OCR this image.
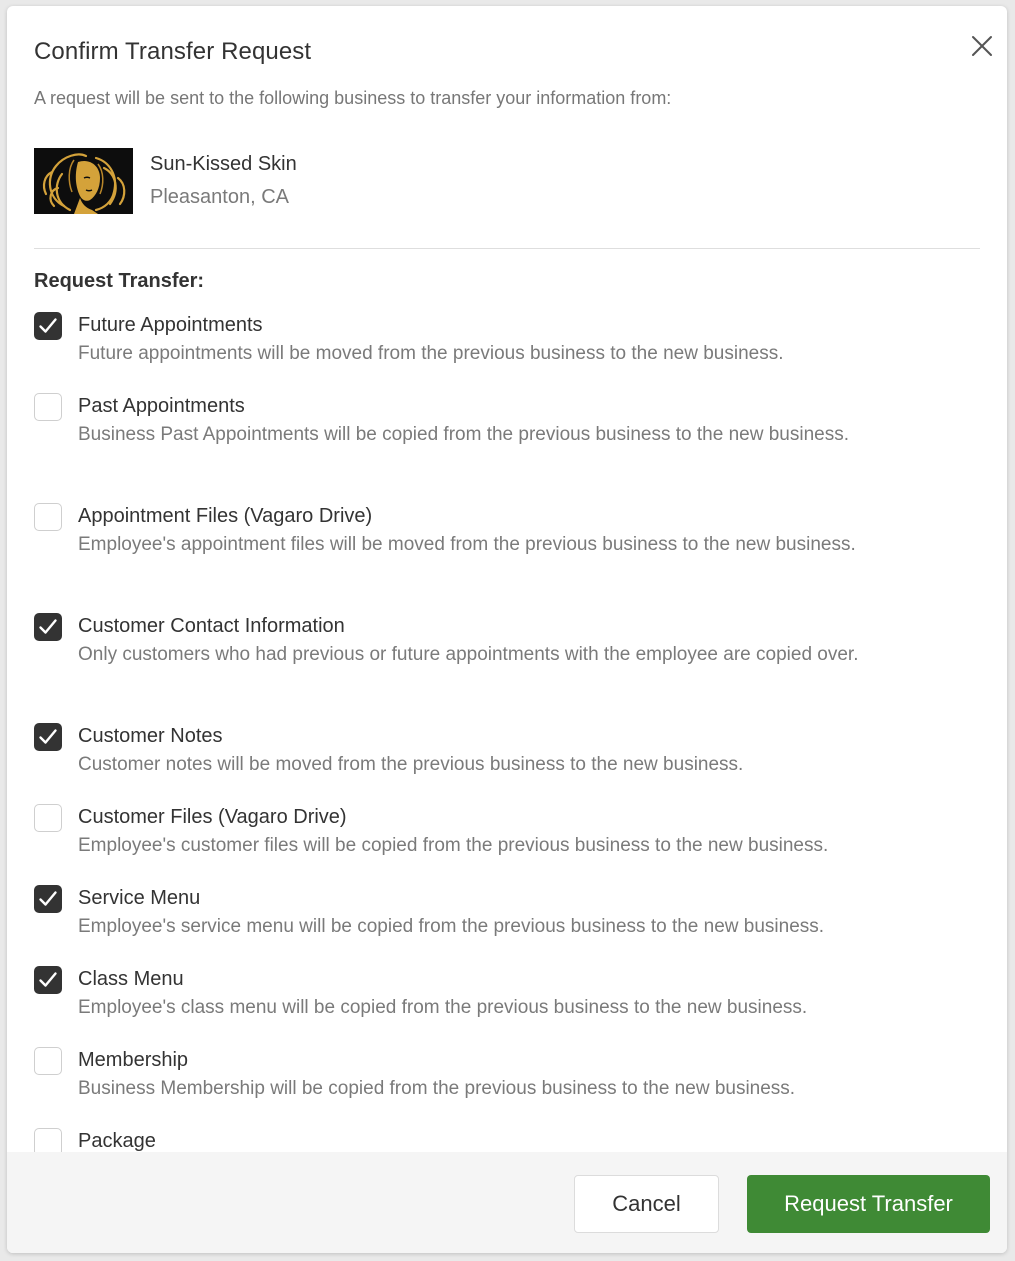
Confirm Transfer Request

A request will be sent to the following business to transfer your information from:

Sun-Kissed Skin
Pleasanton, CA
Request Transfer:
Future Appointments
Future appointments will be moved from the previous business to the new business.
Past Appointments
Business Past Appointments will be copied from the previous business to the new business.
Appointment Files (Vagaro Drive)
Employee's appointment files will be moved from the previous business to the new business.
Customer Contact Information
Only customers who had previous or future appointments with the employee are copied over.
Customer Notes
Customer notes will be moved from the previous business to the new business.
Customer Files (Vagaro Drive)
Employee's customer files will be copied from the previous business to the new business.
Service Menu
Employee's service menu will be copied from the previous business to the new business.
Class Menu
Employee's class menu will be copied from the previous business to the new business.
Membership
Business Membership will be copied from the previous business to the new business.
Package
Cancel	Request Transfer
